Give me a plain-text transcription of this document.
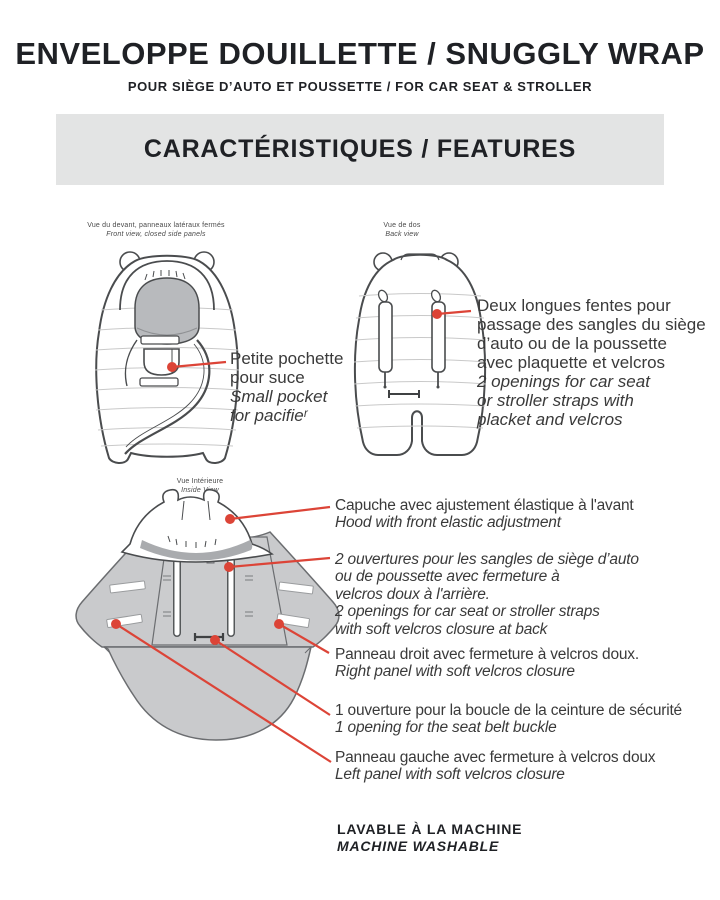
ENVELOPPE DOUILLETTE / SNUGGLY WRAP
POUR SIÈGE D’AUTO ET POUSSETTE / FOR CAR SEAT & STROLLER
CARACTÉRISTIQUES / FEATURES
Vue du devant, panneaux latéraux fermés
Front view, closed side panels
Vue de dos
Back view
Vue Intérieure
Inside View
Petite pochette
pour suce
Small pocket
for pacifieʳ
Deux longues fentes pour
passage des sangles du siège
d’auto ou de la poussette
avec plaquette et velcros
2 openings for car seat
or stroller straps with
placket and velcros
Capuche avec ajustement élastique à l'avant
Hood with front elastic adjustment
2 ouvertures pour les sangles de siège d’auto
ou de poussette avec fermeture à
velcros doux à l'arrière.
2 openings for car seat or stroller straps
with soft velcros closure at back
Panneau droit avec fermeture à velcros doux.
Right panel with soft velcros closure
1 ouverture pour la boucle de la ceinture de sécurité
1 opening for the seat belt buckle
Panneau gauche avec fermeture à velcros doux
Left panel with soft velcros closure
LAVABLE À LA MACHINE
MACHINE WASHABLE
